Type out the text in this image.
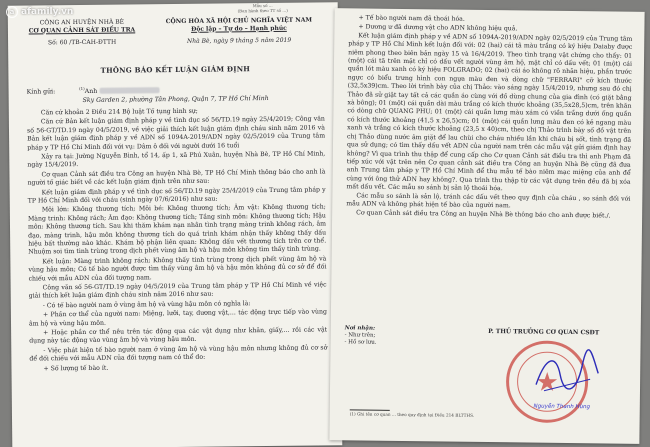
Mẫu số ...
(Ban hành theo TT số ...)
CÔNG AN HUYỆN NHÀ BÈ
CƠ QUAN CẢNH SÁT ĐIỀU TRA
Số: 60 /TB-CAH-ĐTTH
CỘNG HÒA XÃ HỘI CHỦ NGHĨA VIỆT NAM
Độc lập – Tự do – Hạnh phúc
Nhà Bè, ngày 9 tháng 5 năm 2019
THÔNG BÁO KẾT LUẬN GIÁM ĐỊNH

Kính gửi:	$^{(1)}$Anh

Sky Garden 2, phường Tân Phong, Quận 7, TP Hồ Chí Minh

Căn cứ khoản 2 Điều 214 Bộ luật Tố tụng hình sự;

Căn cứ Bản kết luận giám định pháp y về tình dục số 56/TD.19 ngày 25/4/2019; Công văn số 56-GT/TD.19 ngày 04/5/2019, về việc giải thích kết luận giám định cháu sinh năm 2016 và Bản kết luận giám định pháp y về ADN số 1094A-2019/ADN ngày 02/5/2019 của Trung tâm pháp y TP Hồ Chí Minh đối với vụ: Dâm ô đối với người dưới 16 tuổi

Xảy ra tại: Jường Nguyễn Bình, tổ 14, ấp 1, xã Phú Xuân, huyện Nhà Bè, TP Hồ Chí Minh, ngày 15/4/2019.

Cơ quan Cảnh sát điều tra Công an huyện Nhà Bè, TP Hồ Chí Minh thông báo cho anh là người tố giác biết về các kết luận giám định trên như sau:

Kết luận giám định pháp y về tình dục số 56/TD.19 ngày 25/4/2019 của Trung tâm pháp y TP Hồ Chí Minh đối với cháu (sinh ngày 07/6/2016) như sau:

Môi lớn: Không thương tích; Môi bé: Không thương tích; Âm vật: Không thương tích; Màng trinh: Không rách; Âm đạo: Không thương tích; Tầng sinh môn: Không thương tích; Hậu môn: Không thương tích. Sau khi thăm khám nạn nhân tình trạng màng trinh không rách, âm đạo, màng trinh, hậu môn không thương tích do quá trình khám nhận thấy không thấy dấu hiệu bất thường nào khác. Khám bộ phận liên quan: Không dấu vết thương tích trên cơ thể. Nhuộm soi tìm tinh trùng trong dịch phết vùng âm hộ và hậu môn không tìm thấy tinh trùng.

Kết luận: Màng trinh không rách; Không thấy tinh trùng trong dịch phết vùng âm hộ và vùng hậu môn; Có tế bào người được tìm thấy vùng âm hộ và hậu môn không đủ cơ sở để đối chiếu với mẫu ADN của đối tượng nam.

Công văn số 56-GT/TD.19 ngày 04/5/2019 của Trung tâm pháp y TP Hồ Chí Minh về việc giải thích kết luận giám định cháu sinh năm 2016 như sau:

- Có tế bào người nam ở vùng âm hộ và vùng hậu môn có nghĩa là:

+ Phần cơ thể của người nam: Miệng, lưỡi, tay, dương vật,... tác động trực tiếp vào vùng âm hộ và vùng hậu môn.

+ Hoặc phần cơ thể nêu trên tác động qua các vật dụng như khăn, giấy,... rồi các vật dụng này tác động vào vùng âm hộ và vùng hậu môn.

- Việc phát hiện tế bào người nam ở vùng âm hộ và vùng hậu môn nhưng không đủ cơ sở để đối chiếu với mẫu ADN của đối tượng nam có thể do:

+ Số lượng tế bào ít.

+ Tế bào người nam đã thoái hóa.

+ Dương ư đã dương vật cho ADN không hiệu quả.

Kết luận giám định pháp y về ADN số 1094A-2019/ADN ngày 02/5/2019 của Trung tâm pháp y TP Hồ Chí Minh kết luận đối với: 02 (hai) cái tã màu trắng có ký hiệu Daiaby được niêm phong theo biên bản ngày 15 và 16/4/2019. Theo tình trạng vật chứng cho thấy: 01 (một) cái tã trên mặt chỉ có dấu vết người vùng âm hộ, mặt chỉ có dấu vết; 01 (một) cái quần lót màu xanh có ký hiệu FOLGRADO; 02 (hai) cái áo không rõ nhãn hiệu, phần trước ngực có biểu trưng hình con ngựa màu đen và dòng chữ "FERRARI" cỡ kích thước (32,5x39)cm. Theo lời trình bày của chị Thảo: vào sáng ngày 15/4/2019, nhưng sau đó chị Thảo đã sử giặt tay tất cả các quần áo cùng với đồ dùng chung của gia đình (có giặt bằng xà bông); 01 (một) cái quần dài màu trắng có kích thước khoảng (35,5x28,5)cm, trên khăn có dòng chữ QUANG PHU; 01 (một) cái quần lưng màu xám có viền trắng dưới ống quần có kích thước khoảng (41,5 x 26,5)cm; 01 (một) cái quần lưng màu đen có kẻ ngang màu xanh và trắng có kích thước khoảng (23,5 x 40)cm, theo chị Thảo trình bày số đồ vật trên chị Thảo dùng nước âm giặt để lau chùi cho cháu nhiều lần khi cháu bị sốt, tình trạng đã qua sử dụng; có tìm thấy dấu vết ADN của người nam trên các mẫu vật gửi giám định hay không? Vì qua trình thu thập để cung cấp cho Cơ quan Cảnh sát điều tra thì anh Phạm đã tiếp xúc với vật trên nên Cơ quan cảnh sát điều tra Công an huyện Nhà Bè cũng đã đưa anh Trung tâm pháp y TP Hồ Chí Minh để thu mẫu tế bào niêm mạc miệng của anh để cùng với ông thử ADN hay không?. Qua trình thu thập từ các vật dụng trên đều đã bị xóa mất dấu vết. Các mẫu so sánh bị sản lộ thoái hóa.

Các mẫu so sánh là sản lộ, tránh các dấu vết theo quy định của cháu , so sánh đối với mẫu ADN và không phát hiện tế bào của người nam.

Cơ quan Cảnh sát điều tra Công an huyện Nhà Bè thông báo cho anh được biết./.

Nơi nhận:
- Như trên;
- Hồ sơ lưu.
P. THỦ TRƯỞNG CƠ QUAN CSĐT
★
Nguyễn Thanh Hùng
(1) Ghi tên cơ quan ... theo quy định tại Điều 214 BLTTHS.
a afamily.vn
